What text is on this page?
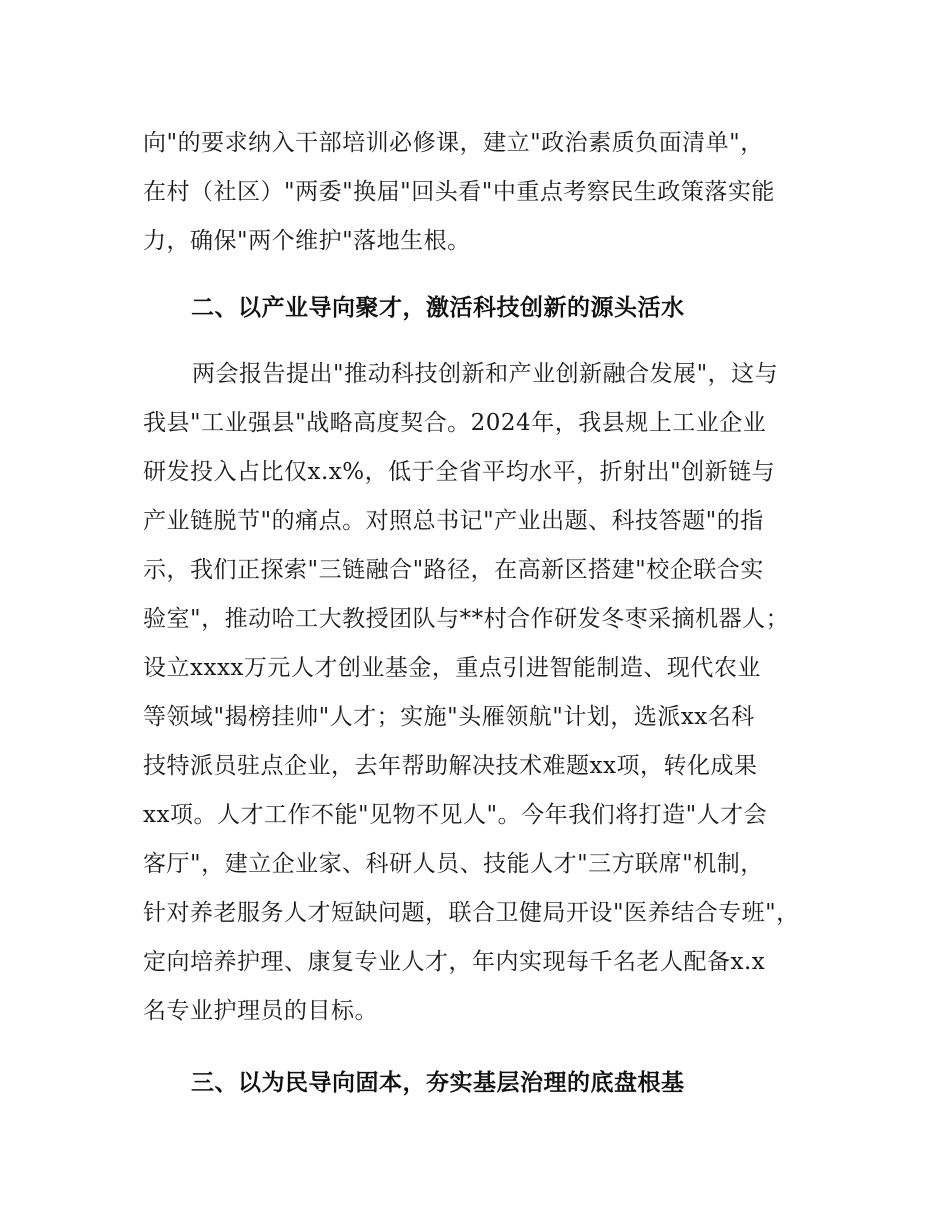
向"的要求纳入干部培训必修课，建立"政治素质负面清单"，
在村（社区）"两委"换届"回头看"中重点考察民生政策落实能
力，确保"两个维护"落地生根。
二、以产业导向聚才，激活科技创新的源头活水
两会报告提出"推动科技创新和产业创新融合发展"，这与
我县"工业强县"战略高度契合。2024年，我县规上工业企业
研发投入占比仅x.x%，低于全省平均水平，折射出"创新链与
产业链脱节"的痛点。对照总书记"产业出题、科技答题"的指
示，我们正探索"三链融合"路径，在高新区搭建"校企联合实
验室"，推动哈工大教授团队与**村合作研发冬枣采摘机器人；
设立xxxx万元人才创业基金，重点引进智能制造、现代农业
等领域"揭榜挂帅"人才；实施"头雁领航"计划，选派xx名科
技特派员驻点企业，去年帮助解决技术难题xx项，转化成果
xx项。人才工作不能"见物不见人"。今年我们将打造"人才会
客厅"，建立企业家、科研人员、技能人才"三方联席"机制，
针对养老服务人才短缺问题，联合卫健局开设"医养结合专班"，
定向培养护理、康复专业人才，年内实现每千名老人配备x.x
名专业护理员的目标。
三、以为民导向固本，夯实基层治理的底盘根基
